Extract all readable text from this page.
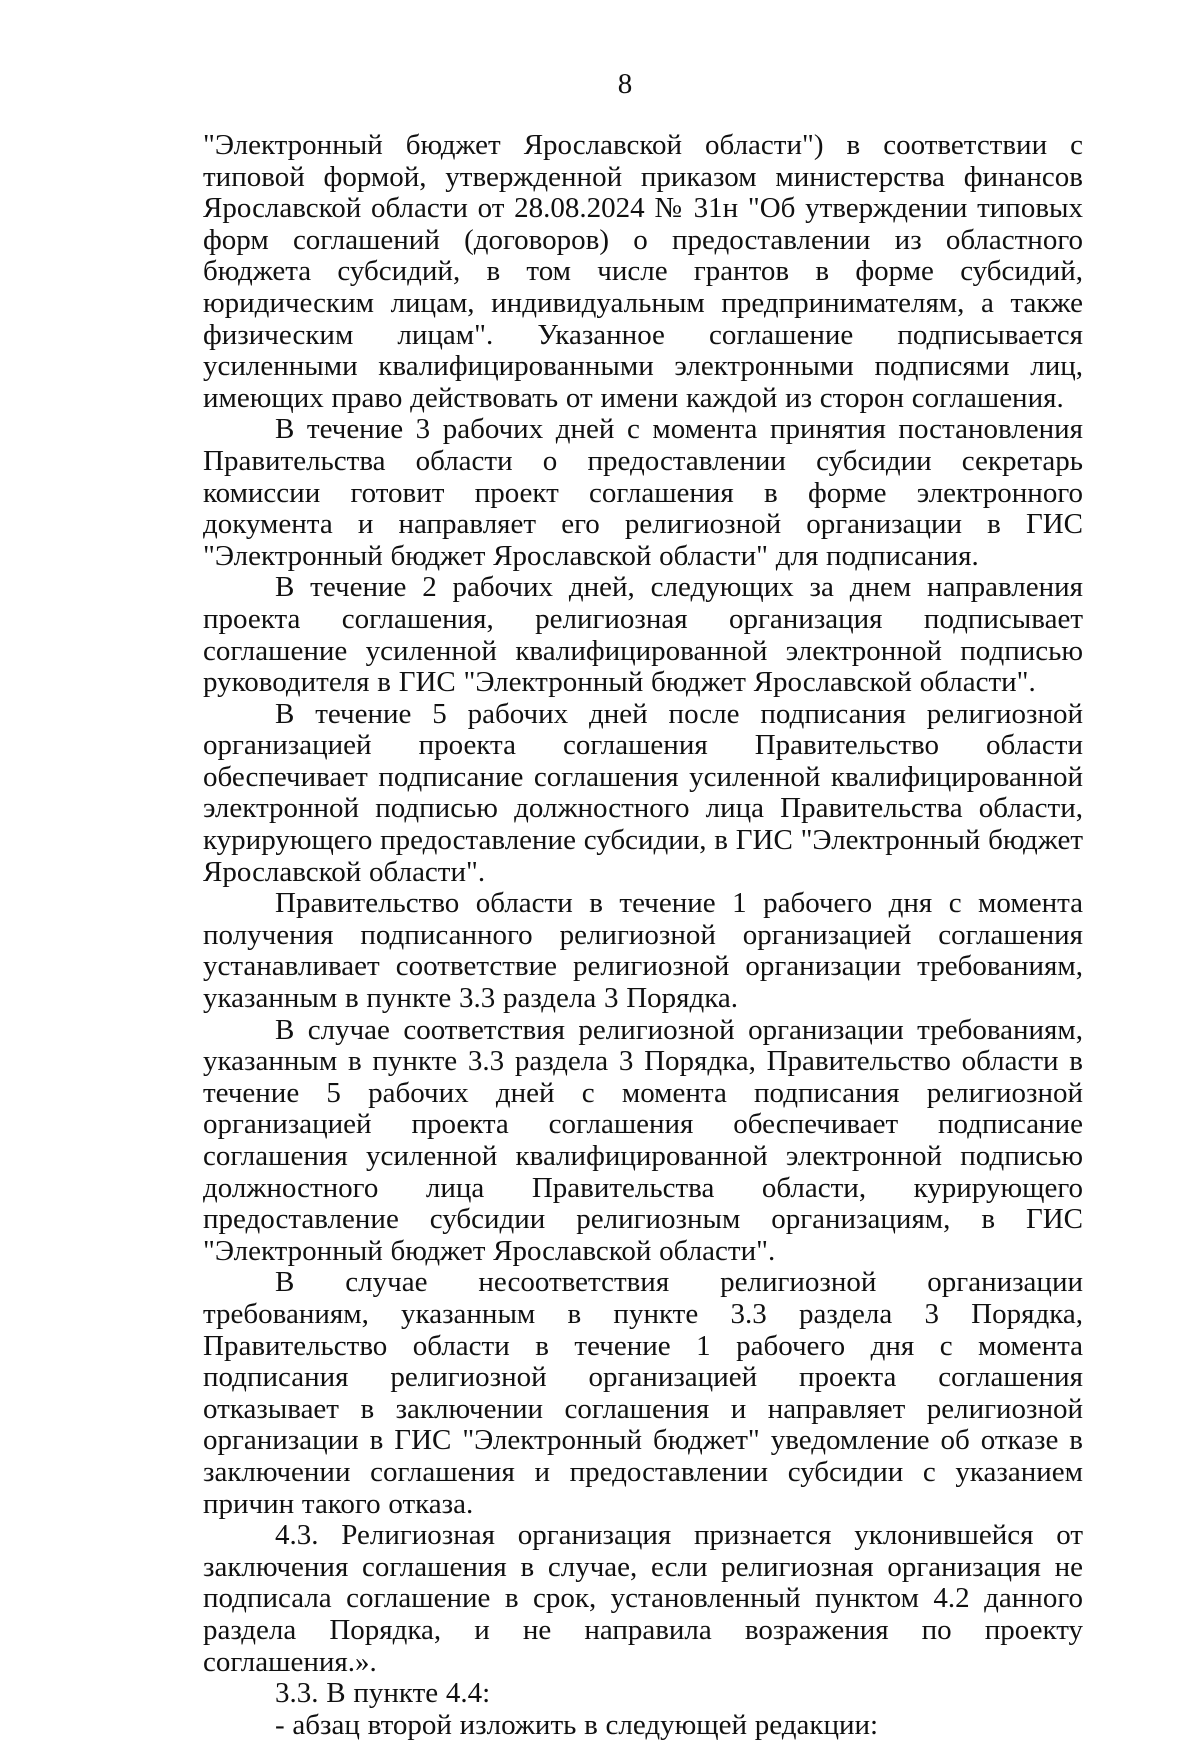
8

"Электронный бюджет Ярославской области") в соответствии с типовой формой, утвержденной приказом министерства финансов Ярославской области от 28.08.2024 № 31н "Об утверждении типовых форм соглашений (договоров) о предоставлении из областного бюджета субсидий, в том числе грантов в форме субсидий, юридическим лицам, индивидуальным предпринимателям, а также физическим лицам". Указанное соглашение подписывается усиленными квалифицированными электронными подписями лиц, имеющих право действовать от имени каждой из сторон соглашения.

В течение 3 рабочих дней с момента принятия постановления Правительства области о предоставлении субсидии секретарь комиссии готовит проект соглашения в форме электронного документа и направляет его религиозной организации в ГИС "Электронный бюджет Ярославской области" для подписания.

В течение 2 рабочих дней, следующих за днем направления проекта соглашения, религиозная организация подписывает соглашение усиленной квалифицированной электронной подписью руководителя в ГИС "Электронный бюджет Ярославской области".

В течение 5 рабочих дней после подписания религиозной организацией проекта соглашения Правительство области обеспечивает подписание соглашения усиленной квалифицированной электронной подписью должностного лица Правительства области, курирующего предоставление субсидии, в ГИС "Электронный бюджет Ярославской области".

Правительство области в течение 1 рабочего дня с момента получения подписанного религиозной организацией соглашения устанавливает соответствие религиозной организации требованиям, указанным в пункте 3.3 раздела 3 Порядка.

В случае соответствия религиозной организации требованиям, указанным в пункте 3.3 раздела 3 Порядка, Правительство области в течение 5 рабочих дней с момента подписания религиозной организацией проекта соглашения обеспечивает подписание соглашения усиленной квалифицированной электронной подписью должностного лица Правительства области, курирующего предоставление субсидии религиозным организациям, в ГИС "Электронный бюджет Ярославской области".

В случае несоответствия религиозной организации требованиям, указанным в пункте 3.3 раздела 3 Порядка, Правительство области в течение 1 рабочего дня с момента подписания религиозной организацией проекта соглашения отказывает в заключении соглашения и направляет религиозной организации в ГИС "Электронный бюджет" уведомление об отказе в заключении соглашения и предоставлении субсидии с указанием причин такого отказа.

4.3. Религиозная организация признается уклонившейся от заключения соглашения в случае, если религиозная организация не подписала соглашение в срок, установленный пунктом 4.2 данного раздела Порядка, и не направила возражения по проекту соглашения.».

3.3. В пункте 4.4:

- абзац второй изложить в следующей редакции:
